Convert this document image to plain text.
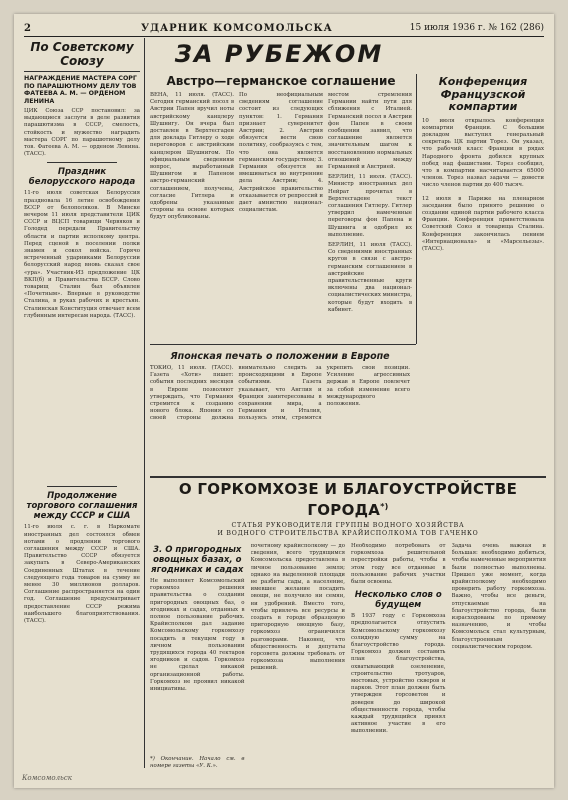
2	УДАРНИК КОМСОМОЛЬСКА	15 июля 1936 г. № 162 (286)
По Советскому Союзу
НАГРАЖДЕНИЕ МАСТЕРА СОРГ ПО ПАРАШЮТНОМУ ДЕЛУ ТОВ ФАТЕЕВА А. М. — ОРДЕНОМ ЛЕНИНА
ЦИК Союза ССР постановил: за выдающиеся заслуги в деле развития парашютизма в СССР, смелость, стойкость и мужество наградить мастера СОРГ по парашютному делу тов. Фатеева А. М. — орденом Ленина. (ТАСС).
Праздник белорусского народа
11-го июля советская Белоруссия праздновала 16 летие освобождения БССР от белополяков. В Минске вечером 11 июля представители ЦИК СССР и ВЦСП товарищи Червяков и Голодед передали Правительству области и партии исполкому центра. Перед сценой в поселении полки знамен и сокол войска. Горячо встреченный ударниками Белоруссии белорусский народ вновь сказал свое «ура». Участник-ИЗ предложение ЦК ВКП(б) и Правительства БССР. Слово товарищ Сталин был объявлен «Почетным». Впервые в руководстве Сталина, в руках рабочих и крестьян. Сталинская Конституция отвечает всем глубинным интересам народа. (ТАСС).
Продолжение торгового соглашения между СССР и США
11-го июля с. г. в Наркомате иностранных дел состоялся обмен нотами о продлении торгового соглашения между СССР и США. Правительство СССР обязуется закупать в Северо-Американских Соединенных Штатах в течение следующего года товаров на сумму не менее 30 миллионов долларов. Соглашение распространяется на один год. Соглашение предусматривает предоставление СССР режима наибольшего благоприятствования. (ТАСС).
ЗА РУБЕЖОМ
Австро—германское соглашение
ВЕНА, 11 июля. (ТАСС). Сегодня германский посол в Австрии Папен вручил ноты австрийскому канцлеру Шушнигу. Он вчера был доставлен в Верхтесгаден для доклада Гитлеру о ходе переговоров с австрийским канцлером Шушнигом. По официальным сведениям вопрос, выработанный Шушнигом и Папеном австро-германский соглашением, получены, согласие Гитлера и одобрены указанные стороны на основе которых будут опубликованы.
По неофициальным сведениям соглашение состоит из следующих пунктов: 1. Германия признает суверенитет Австрии; 2. Австрия обязуется вести свою политику, сообразуясь с тем, что она является германским государством; 3. Германия обязуется не вмешиваться во внутренние дела Австрии; 4. Австрийское правительство отказывается от репрессий и дает амнистию национал-социалистам.
местом стремления Германии найти пути для сближения с Италией. Германский посол в Австрии фон Папен в своем сообщении заявил, что соглашение является значительным шагом к восстановлению нормальных отношений между Германией и Австрией.
БЕРЛИН, 11 июля. (ТАСС). Министр иностранных дел Нейрат прочитал в Верхтесгадене текст соглашения Гитлеру. Гитлер утвердил намеченные переговоры фон Папена и Шушнига и одобрил их выполнение.
БЕРЛИН, 11 июля (ТАСС). Со сведениями иностранных кругов в связи с австро-германским соглашением в австрийские правительственные круги включены два национал-социалистических министра, которые будут входить в кабинет.
Конференция Французской компартии
10 июля открылось конференция компартии Франции. С большим докладом выступил генеральный секретарь ЦК партии Торез. Он указал, что рабочий класс Франции в рядах Народного фронта добился крупных побед над фашистами. Торез сообщил, что в компартии насчитывается 65000 членов. Торез назвал задачи — довести число членов партии до 400 тысяч.
12 июля в Париже на пленарном заседании было принято решение о создании единой партии рабочего класса Франции. Конференция приветствовала Советский Союз и товарища Сталина. Конференция закончилась пением «Интернационала» и «Марсельезы». (ТАСС).
Японская печать о положении в Европе
ТОКИО, 11 июля. (ТАСС). Газета «Хоти» пишет: события последних месяцев в Европе позволяют утверждать, что Германия стремится к созданию нового блока. Япония со своей стороны должна внимательно следить за происходящими в Европе событиями. Газета указывает, что Англия и Франция заинтересованы в сохранении мира, а Германия и Италия, пользуясь этим, стремятся укрепить свои позиции. Усиление агрессивных держав в Европе повлечет за собой изменение всего международного положения.
О ГОРКОМХОЗЕ И БЛАГОУСТРОЙСТВЕ ГОРОДА*)
СТАТЬЯ РУКОВОДИТЕЛЯ ГРУППЫ ВОДНОГО ХОЗЯЙСТВА
И ВОДНОГО СТРОИТЕЛЬСТВА КРАЙИСПОЛКОМА ТОВ ГАЧЕНКО
3. О пригородных овощных базах, о ягодниках и садах
Не выполняет Комсомольский горкомхоз решения правительства о создании пригородных овощных баз, о ягодниках и садах, отданных в полное пользование рабочих. Крайисполком дал задание Комсомольскому горкомхозу посадить в текущем году в личном пользовании трудящихся города 40 гектаров ягодников и садов. Горкомхоз не сделал никакой организационной работы. Горкомхоз не проявил никакой инициативы.
*) Окончание. Начало см. в номере газеты «У. К.».
почетному крайисполкому — до сведения, всего трудящимся Комсомольска предоставлена в личное пользование земля; однако на выделенной площади не разбиты сады, а население, имевшее желание посадить овощи, не получило ни семян, ни удобрений. Вместо того, чтобы привлечь все ресурсы и создать в городе образцовую пригородную овощную базу, горкомхоз ограничился разговорами. Наконец, что общественность и депутаты горсовета должны требовать от горкомхоза выполнения решений.
Необходимо потребовать от горкомхоза решительной перестройки работы, чтобы в этом году все отданные в пользование рабочих участки были освоены.
Несколько слов о будущем
В 1937 году с Горкомхоза предполагается отпустить Комсомольскому горкомхозу солидную сумму на благоустройство города. Горкомхоз должен составить план благоустройства, охватывающий озеленение, строительство тротуаров, мостовых, устройство скверов и парков. Этот план должен быть утвержден горсоветом и доведен до широкой общественности города, чтобы каждый трудящийся принял активное участие в его выполнении.
Задача очень важная и большая: необходимо добиться, чтобы намеченные мероприятия были полностью выполнены. Пришел уже момент, когда крайисполкому необходимо проверить работу горкомхоза. Важно, чтобы все деньги, отпускаемые на благоустройство города, были израсходованы по прямому назначению, и чтобы Комсомольск стал культурным, благоустроенным социалистическим городом.
Комсомольск
